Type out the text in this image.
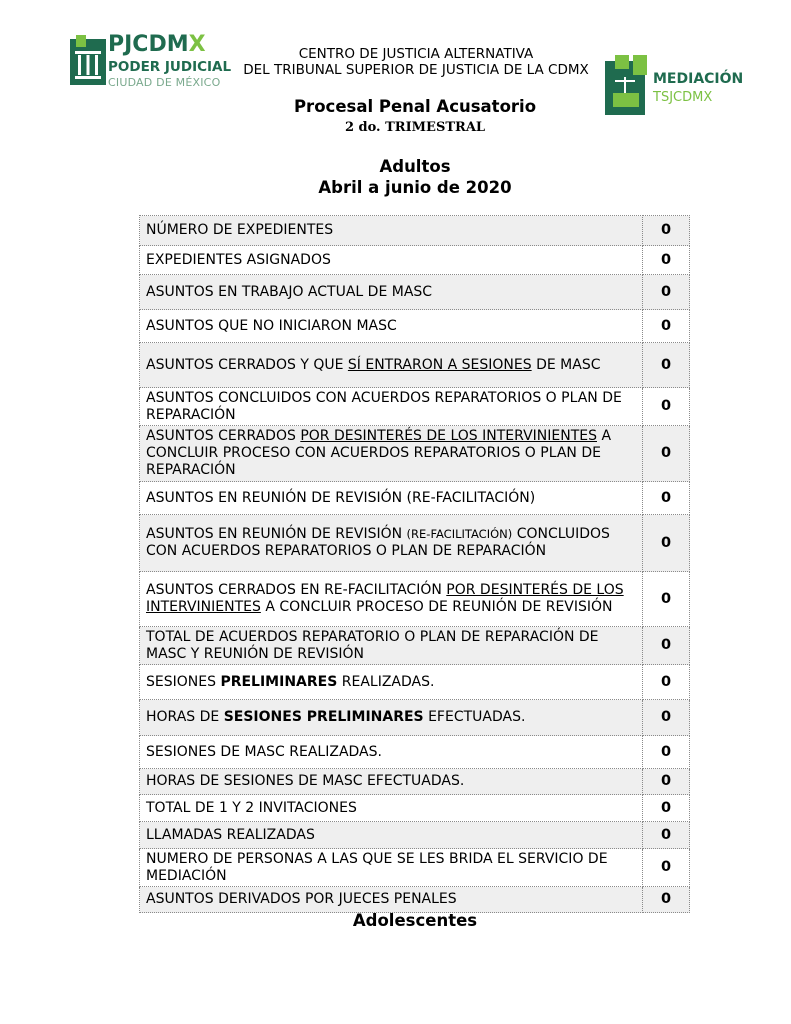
PJCDMX
PODER JUDICIAL
CIUDAD DE MÉXICO
CENTRO DE JUSTICIA ALTERNATIVA
DEL TRIBUNAL SUPERIOR DE JUSTICIA DE LA CDMX
MEDIACIÓN
TSJCDMX
Procesal Penal Acusatorio
2 do. TRIMESTRAL
Adultos
Abril a junio de 2020
NÚMERO DE EXPEDIENTES	0
EXPEDIENTES ASIGNADOS	0
ASUNTOS EN TRABAJO ACTUAL DE MASC	0
ASUNTOS QUE NO INICIARON MASC	0
ASUNTOS CERRADOS Y QUE SÍ ENTRARON A SESIONES DE MASC	0
ASUNTOS CONCLUIDOS CON ACUERDOS REPARATORIOS O PLAN DE REPARACIÓN	0
ASUNTOS CERRADOS POR DESINTERÉS DE LOS INTERVINIENTES A CONCLUIR PROCESO CON ACUERDOS REPARATORIOS O PLAN DE REPARACIÓN	0
ASUNTOS EN REUNIÓN DE REVISIÓN (RE-FACILITACIÓN)	0
ASUNTOS EN REUNIÓN DE REVISIÓN (RE-FACILITACIÓN) CONCLUIDOS CON ACUERDOS REPARATORIOS O PLAN DE REPARACIÓN	0
ASUNTOS CERRADOS EN RE-FACILITACIÓN POR DESINTERÉS DE LOS INTERVINIENTES A CONCLUIR PROCESO DE REUNIÓN DE REVISIÓN	0
TOTAL DE ACUERDOS REPARATORIO O PLAN DE REPARACIÓN DE MASC Y REUNIÓN DE REVISIÓN	0
SESIONES PRELIMINARES REALIZADAS.	0
HORAS DE SESIONES PRELIMINARES EFECTUADAS.	0
SESIONES DE MASC REALIZADAS.	0
HORAS DE SESIONES DE MASC EFECTUADAS.	0
TOTAL DE 1 Y 2 INVITACIONES	0
LLAMADAS REALIZADAS	0
NUMERO DE PERSONAS A LAS QUE SE LES BRIDA EL SERVICIO DE MEDIACIÓN	0
ASUNTOS DERIVADOS POR JUECES PENALES	0
Adolescentes
